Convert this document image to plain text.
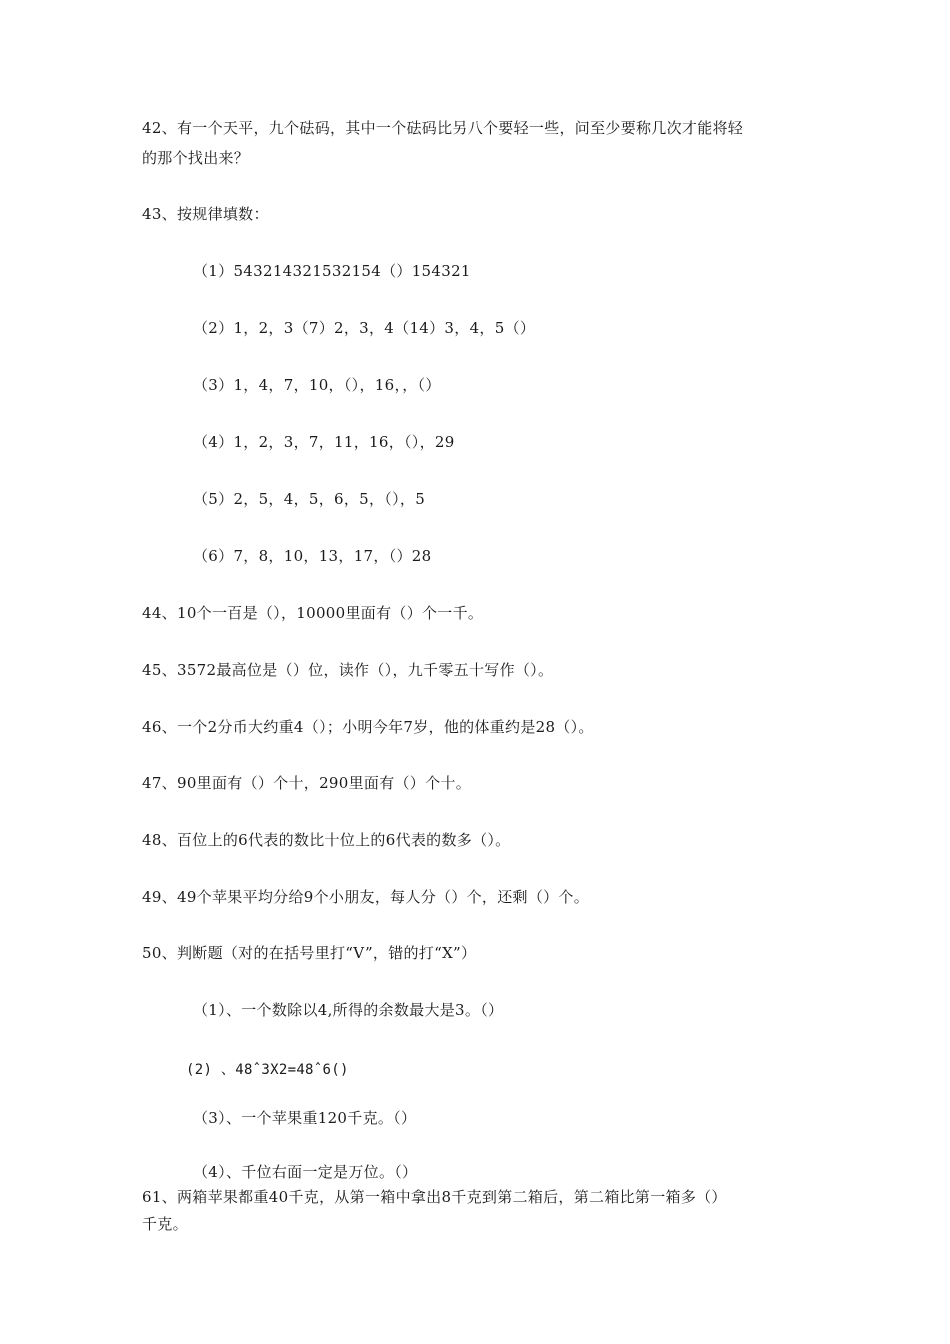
42、有一个天平，九个砝码，其中一个砝码比另八个要轻一些，问至少要称几次才能将轻
的那个找出来？
43、按规律填数：
（1）543214321532154（）154321
（2）1，2，3（7）2，3，4（14）3，4，5（）
（3）1，4，7，10，（），16，，（）
（4）1，2，3，7，11，16，（），29
（5）2，5，4，5，6，5，（），5
（6）7，8，10，13，17，（）28
44、10个一百是（），10000里面有（）个一千。
45、3572最高位是（）位，读作（），九千零五十写作（）。
46、一个2分币大约重4（）；小明今年7岁，他的体重约是28（）。
47、90里面有（）个十，290里面有（）个十。
48、百位上的6代表的数比十位上的6代表的数多（）。
49、49个苹果平均分给9个小朋友，每人分（）个，还剩（）个。
50、判断题（对的在括号里打“V”，错的打“X”）
（1）、一个数除以4,所得的余数最大是3。（）
(2) 、48ˆ3X2=48ˆ6()
（3）、一个苹果重120千克。（）
（4）、千位右面一定是万位。（）
61、两箱苹果都重40千克，从第一箱中拿出8千克到第二箱后，第二箱比第一箱多（）
千克。
